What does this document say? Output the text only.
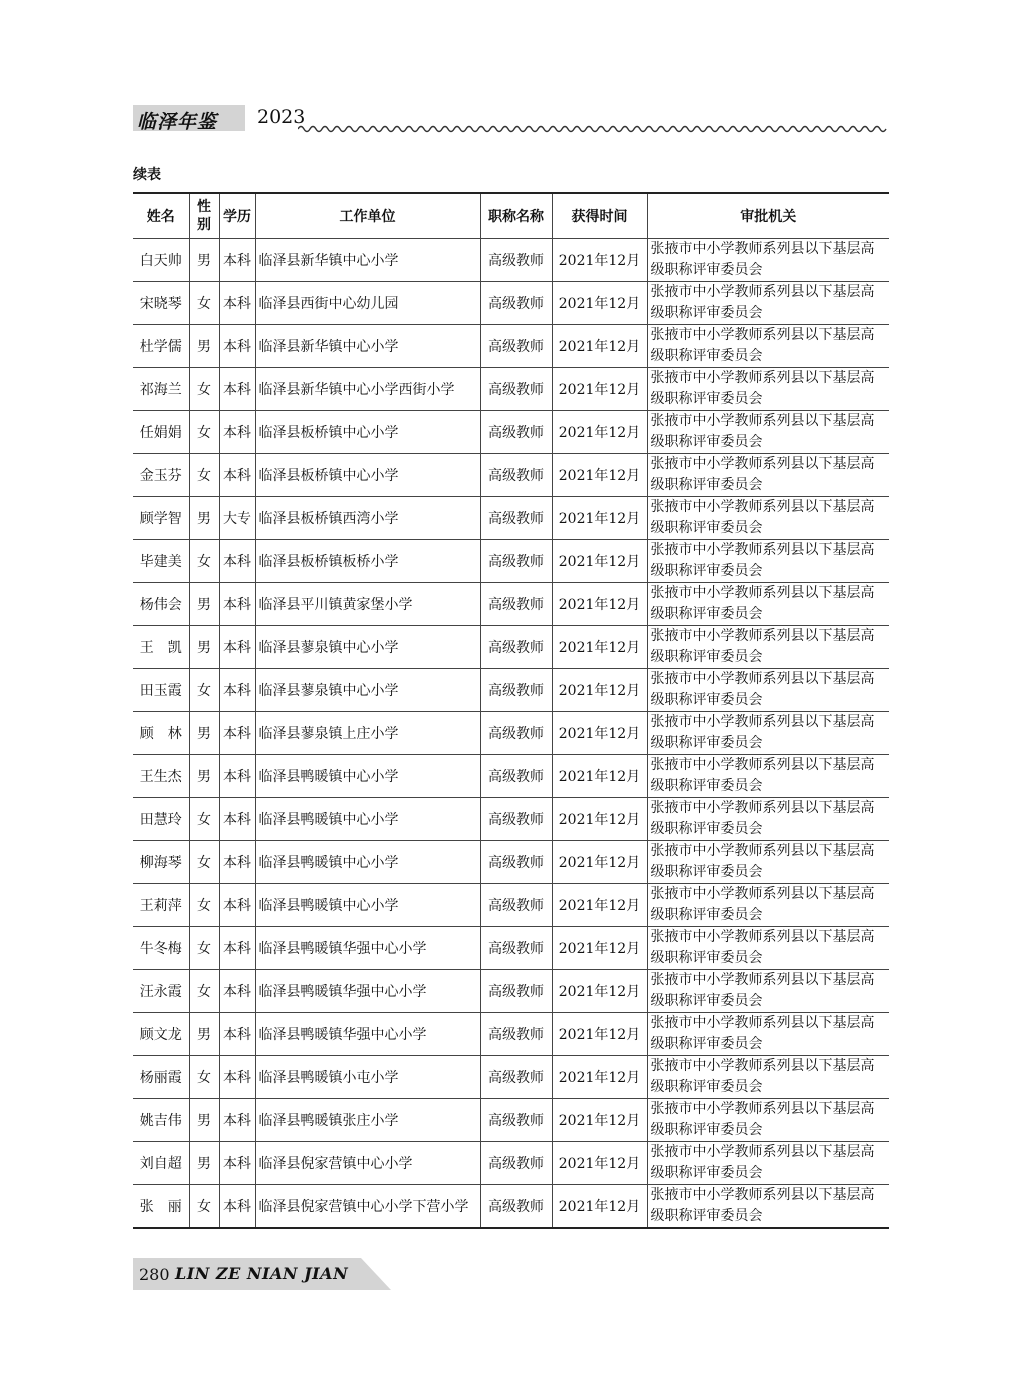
临泽年鉴 2023
续表
姓名	性别	学历	工作单位	职称名称	获得时间	审批机关
白天帅	男	本科	临泽县新华镇中心小学	高级教师	2021年12月	张掖市中小学教师系列县以下基层高级职称评审委员会
宋晓琴	女	本科	临泽县西街中心幼儿园	高级教师	2021年12月	张掖市中小学教师系列县以下基层高级职称评审委员会
杜学儒	男	本科	临泽县新华镇中心小学	高级教师	2021年12月	张掖市中小学教师系列县以下基层高级职称评审委员会
祁海兰	女	本科	临泽县新华镇中心小学西街小学	高级教师	2021年12月	张掖市中小学教师系列县以下基层高级职称评审委员会
任娟娟	女	本科	临泽县板桥镇中心小学	高级教师	2021年12月	张掖市中小学教师系列县以下基层高级职称评审委员会
金玉芬	女	本科	临泽县板桥镇中心小学	高级教师	2021年12月	张掖市中小学教师系列县以下基层高级职称评审委员会
顾学智	男	大专	临泽县板桥镇西湾小学	高级教师	2021年12月	张掖市中小学教师系列县以下基层高级职称评审委员会
毕建美	女	本科	临泽县板桥镇板桥小学	高级教师	2021年12月	张掖市中小学教师系列县以下基层高级职称评审委员会
杨伟会	男	本科	临泽县平川镇黄家堡小学	高级教师	2021年12月	张掖市中小学教师系列县以下基层高级职称评审委员会
王　凯	男	本科	临泽县蓼泉镇中心小学	高级教师	2021年12月	张掖市中小学教师系列县以下基层高级职称评审委员会
田玉霞	女	本科	临泽县蓼泉镇中心小学	高级教师	2021年12月	张掖市中小学教师系列县以下基层高级职称评审委员会
顾　林	男	本科	临泽县蓼泉镇上庄小学	高级教师	2021年12月	张掖市中小学教师系列县以下基层高级职称评审委员会
王生杰	男	本科	临泽县鸭暖镇中心小学	高级教师	2021年12月	张掖市中小学教师系列县以下基层高级职称评审委员会
田慧玲	女	本科	临泽县鸭暖镇中心小学	高级教师	2021年12月	张掖市中小学教师系列县以下基层高级职称评审委员会
柳海琴	女	本科	临泽县鸭暖镇中心小学	高级教师	2021年12月	张掖市中小学教师系列县以下基层高级职称评审委员会
王莉萍	女	本科	临泽县鸭暖镇中心小学	高级教师	2021年12月	张掖市中小学教师系列县以下基层高级职称评审委员会
牛冬梅	女	本科	临泽县鸭暖镇华强中心小学	高级教师	2021年12月	张掖市中小学教师系列县以下基层高级职称评审委员会
汪永霞	女	本科	临泽县鸭暖镇华强中心小学	高级教师	2021年12月	张掖市中小学教师系列县以下基层高级职称评审委员会
顾文龙	男	本科	临泽县鸭暖镇华强中心小学	高级教师	2021年12月	张掖市中小学教师系列县以下基层高级职称评审委员会
杨丽霞	女	本科	临泽县鸭暖镇小屯小学	高级教师	2021年12月	张掖市中小学教师系列县以下基层高级职称评审委员会
姚吉伟	男	本科	临泽县鸭暖镇张庄小学	高级教师	2021年12月	张掖市中小学教师系列县以下基层高级职称评审委员会
刘自超	男	本科	临泽县倪家营镇中心小学	高级教师	2021年12月	张掖市中小学教师系列县以下基层高级职称评审委员会
张　丽	女	本科	临泽县倪家营镇中心小学下营小学	高级教师	2021年12月	张掖市中小学教师系列县以下基层高级职称评审委员会
280 LIN ZE NIAN JIAN
